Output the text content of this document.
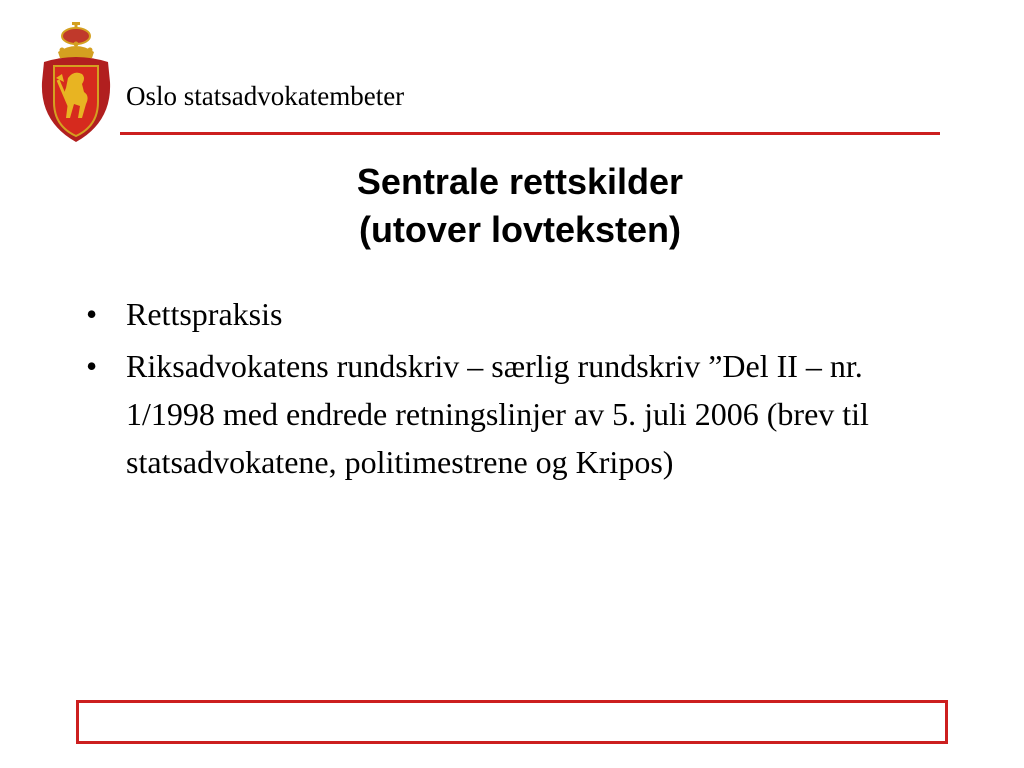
Oslo statsadvokatembeter
Sentrale rettskilder
(utover lovteksten)
• Rettspraksis
• Riksadvokatens rundskriv – særlig rundskriv ”Del II – nr. 1/1998 med endrede retningslinjer av 5. juli 2006 (brev til statsadvokatene, politimestrene og Kripos)
